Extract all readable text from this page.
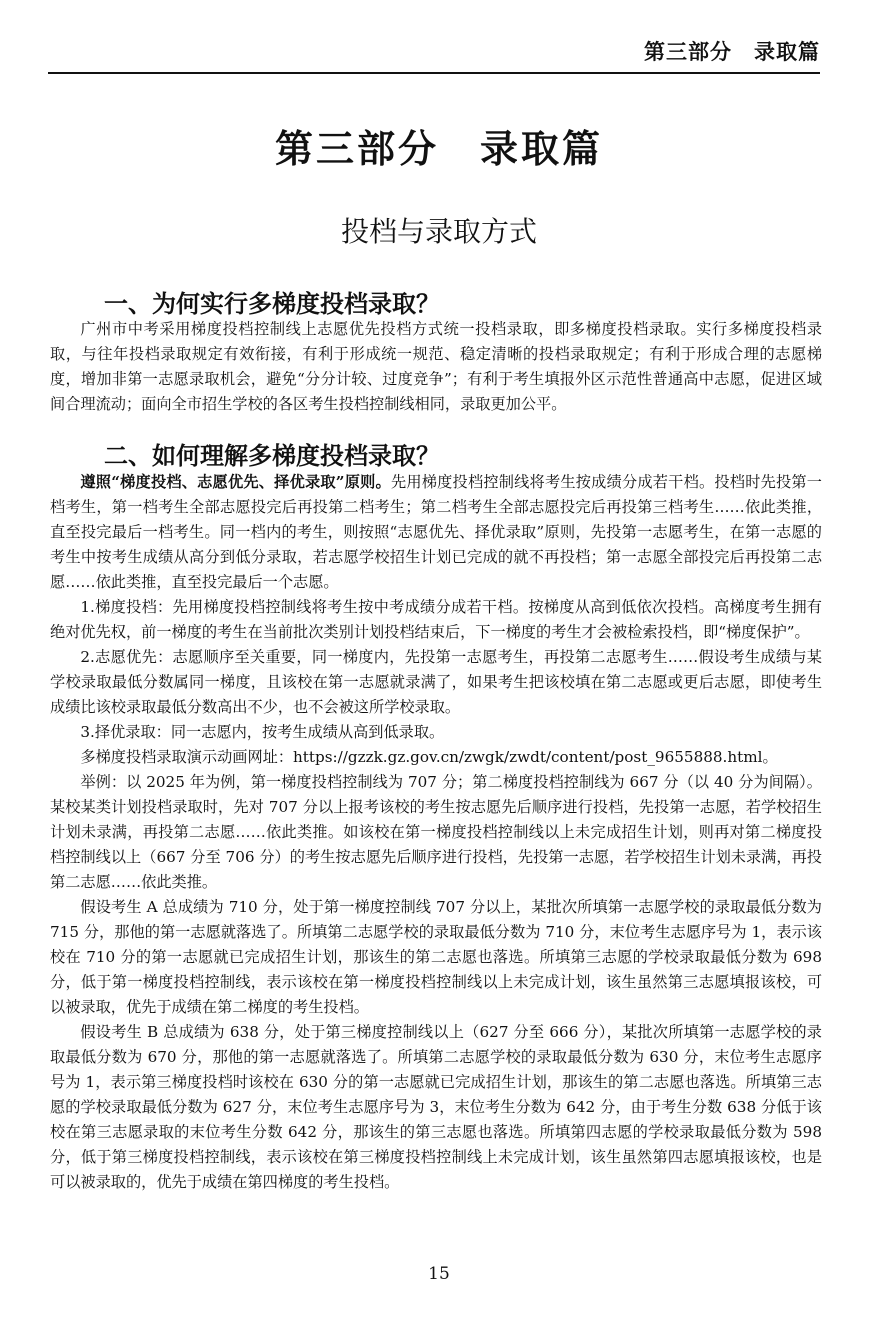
第三部分　录取篇
第三部分　录取篇
投档与录取方式
一、为何实行多梯度投档录取？

广州市中考采用梯度投档控制线上志愿优先投档方式统一投档录取，即多梯度投档录取。实行多梯度投档录取，与往年投档录取规定有效衔接，有利于形成统一规范、稳定清晰的投档录取规定；有利于形成合理的志愿梯度，增加非第一志愿录取机会，避免“分分计较、过度竞争”；有利于考生填报外区示范性普通高中志愿，促进区域间合理流动；面向全市招生学校的各区考生投档控制线相同，录取更加公平。

二、如何理解多梯度投档录取？

遵照“梯度投档、志愿优先、择优录取”原则。先用梯度投档控制线将考生按成绩分成若干档。投档时先投第一档考生，第一档考生全部志愿投完后再投第二档考生；第二档考生全部志愿投完后再投第三档考生……依此类推，直至投完最后一档考生。同一档内的考生，则按照“志愿优先、择优录取”原则，先投第一志愿考生，在第一志愿的考生中按考生成绩从高分到低分录取，若志愿学校招生计划已完成的就不再投档；第一志愿全部投完后再投第二志愿……依此类推，直至投完最后一个志愿。

1.梯度投档：先用梯度投档控制线将考生按中考成绩分成若干档。按梯度从高到低依次投档。高梯度考生拥有绝对优先权，前一梯度的考生在当前批次类别计划投档结束后，下一梯度的考生才会被检索投档，即“梯度保护”。

2.志愿优先：志愿顺序至关重要，同一梯度内，先投第一志愿考生，再投第二志愿考生……假设考生成绩与某学校录取最低分数属同一梯度，且该校在第一志愿就录满了，如果考生把该校填在第二志愿或更后志愿，即使考生成绩比该校录取最低分数高出不少，也不会被这所学校录取。

3.择优录取：同一志愿内，按考生成绩从高到低录取。

多梯度投档录取演示动画网址：https://gzzk.gz.gov.cn/zwgk/zwdt/content/post_9655888.html。

举例：以 2025 年为例，第一梯度投档控制线为 707 分；第二梯度投档控制线为 667 分（以 40 分为间隔）。某校某类计划投档录取时，先对 707 分以上报考该校的考生按志愿先后顺序进行投档，先投第一志愿，若学校招生计划未录满，再投第二志愿……依此类推。如该校在第一梯度投档控制线以上未完成招生计划，则再对第二梯度投档控制线以上（667 分至 706 分）的考生按志愿先后顺序进行投档，先投第一志愿，若学校招生计划未录满，再投第二志愿……依此类推。

假设考生 A 总成绩为 710 分，处于第一梯度控制线 707 分以上，某批次所填第一志愿学校的录取最低分数为 715 分，那他的第一志愿就落选了。所填第二志愿学校的录取最低分数为 710 分，末位考生志愿序号为 1，表示该校在 710 分的第一志愿就已完成招生计划，那该生的第二志愿也落选。所填第三志愿的学校录取最低分数为 698 分，低于第一梯度投档控制线，表示该校在第一梯度投档控制线以上未完成计划，该生虽然第三志愿填报该校，可以被录取，优先于成绩在第二梯度的考生投档。

假设考生 B 总成绩为 638 分，处于第三梯度控制线以上（627 分至 666 分），某批次所填第一志愿学校的录取最低分数为 670 分，那他的第一志愿就落选了。所填第二志愿学校的录取最低分数为 630 分，末位考生志愿序号为 1，表示第三梯度投档时该校在 630 分的第一志愿就已完成招生计划，那该生的第二志愿也落选。所填第三志愿的学校录取最低分数为 627 分，末位考生志愿序号为 3，末位考生分数为 642 分，由于考生分数 638 分低于该校在第三志愿录取的末位考生分数 642 分，那该生的第三志愿也落选。所填第四志愿的学校录取最低分数为 598 分，低于第三梯度投档控制线，表示该校在第三梯度投档控制线上未完成计划，该生虽然第四志愿填报该校，也是可以被录取的，优先于成绩在第四梯度的考生投档。

15
